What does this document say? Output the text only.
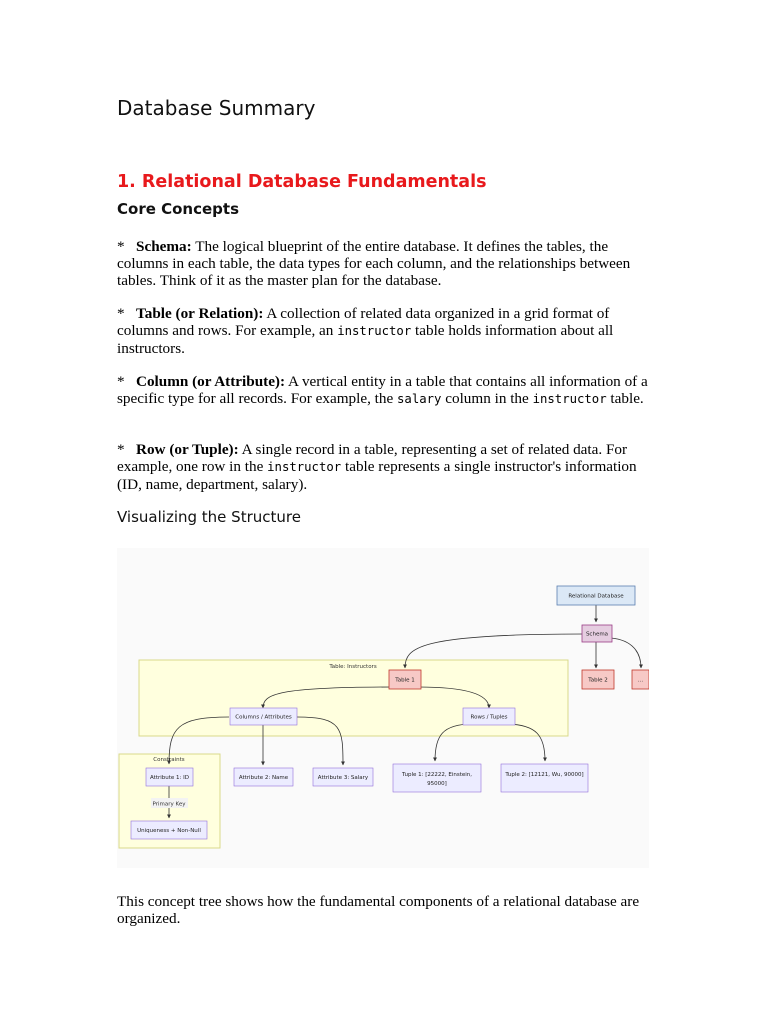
Database Summary
1. Relational Database Fundamentals
Core Concepts

* Schema: The logical blueprint of the entire database. It defines the tables, the columns in each table, the data types for each column, and the relationships between tables. Think of it as the master plan for the database.

* Table (or Relation): A collection of related data organized in a grid format of columns and rows. For example, an instructor table holds information about all instructors.

* Column (or Attribute): A vertical entity in a table that contains all information of a specific type for all records. For example, the salary column in the instructor table.

* Row (or Tuple): A single record in a table, representing a set of related data. For example, one row in the instructor table represents a single instructor's information (ID, name, department, salary).

Visualizing the Structure
Table: Instructors
Constraints
Primary Key
Relational Database
Schema
Table 1	Table 2	...
Columns / Attributes	Rows / Tuples
Attribute 1: ID	Attribute 2: Name	Attribute 3: Salary	Tuple 1: [22222, Einstein,
95000]
Tuple 2: [12121, Wu, 90000]
Uniqueness + Non-Null

This concept tree shows how the fundamental components of a relational database are organized.
